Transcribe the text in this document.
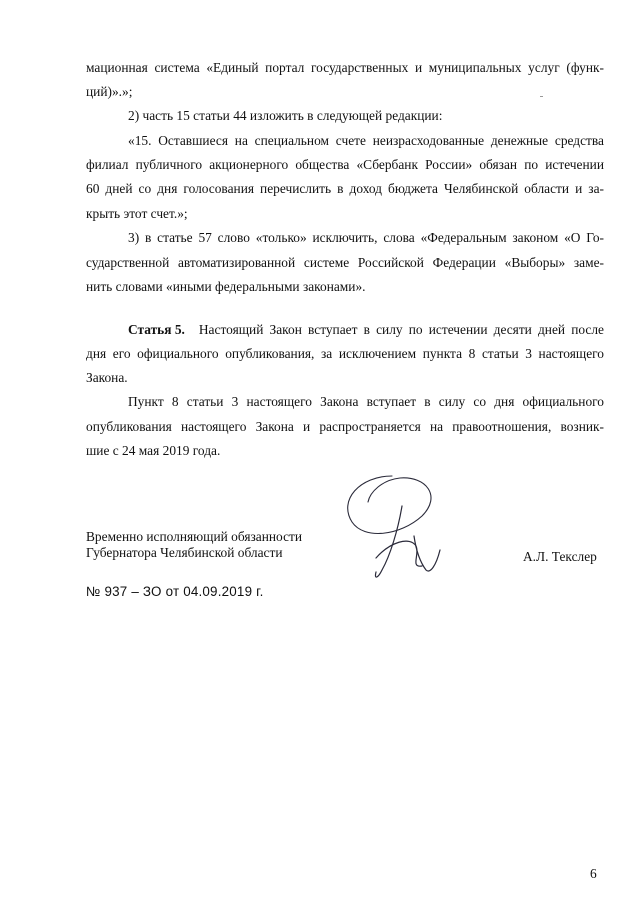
мационная система «Единый портал государственных и муниципальных услуг (функ-
ций)».»;
2) часть 15 статьи 44 изложить в следующей редакции:
«15. Оставшиеся на специальном счете неизрасходованные денежные средства
филиал публичного акционерного общества «Сбербанк России» обязан по истечении
60 дней со дня голосования перечислить в доход бюджета Челябинской области и за-
крыть этот счет.»;
3) в статье 57 слово «только» исключить, слова «Федеральным законом «О Го-
сударственной автоматизированной системе Российской Федерации «Выборы» заме-
нить словами «иными федеральными законами».
Статья 5. Настоящий Закон вступает в силу по истечении десяти дней после
дня его официального опубликования, за исключением пункта 8 статьи 3 настоящего
Закона.
Пункт 8 статьи 3 настоящего Закона вступает в силу со дня официального
опубликования настоящего Закона и распространяется на правоотношения, возник-
шие с 24 мая 2019 года.
Временно исполняющий обязанности
Губернатора Челябинской области	А.Л. Текслер
№ 937 – ЗО от 04.09.2019 г.
6
